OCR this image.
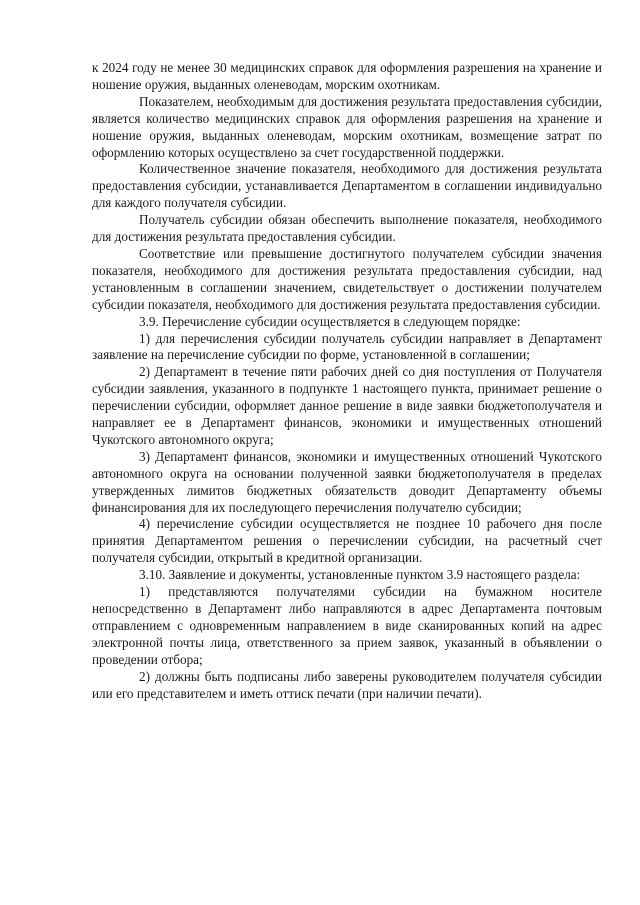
к 2024 году не менее 30 медицинских справок для оформления разрешения на хранение и ношение оружия, выданных оленеводам, морским охотникам.

Показателем, необходимым для достижения результата предоставления субсидии, является количество медицинских справок для оформления разрешения на хранение и ношение оружия, выданных оленеводам, морским охотникам, возмещение затрат по оформлению которых осуществлено за счет государственной поддержки.

Количественное значение показателя, необходимого для достижения результата предоставления субсидии, устанавливается Департаментом в соглашении индивидуально для каждого получателя субсидии.

Получатель субсидии обязан обеспечить выполнение показателя, необходимого для достижения результата предоставления субсидии.

Соответствие или превышение достигнутого получателем субсидии значения показателя, необходимого для достижения результата предоставления субсидии, над установленным в соглашении значением, свидетельствует о достижении получателем субсидии показателя, необходимого для достижения результата предоставления субсидии.

3.9. Перечисление субсидии осуществляется в следующем порядке:

1) для перечисления субсидии получатель субсидии направляет в Департамент заявление на перечисление субсидии по форме, установленной в соглашении;

2) Департамент в течение пяти рабочих дней со дня поступления от Получателя субсидии заявления, указанного в подпункте 1 настоящего пункта, принимает решение о перечислении субсидии, оформляет данное решение в виде заявки бюджетополучателя и направляет ее в Департамент финансов, экономики и имущественных отношений Чукотского автономного округа;

3) Департамент финансов, экономики и имущественных отношений Чукотского автономного округа на основании полученной заявки бюджетополучателя в пределах утвержденных лимитов бюджетных обязательств доводит Департаменту объемы финансирования для их последующего перечисления получателю субсидии;

4) перечисление субсидии осуществляется не позднее 10 рабочего дня после принятия Департаментом решения о перечислении субсидии, на расчетный счет получателя субсидии, открытый в кредитной организации.

3.10. Заявление и документы, установленные пунктом 3.9 настоящего раздела:

1) представляются получателями субсидии на бумажном носителе непосредственно в Департамент либо направляются в адрес Департамента почтовым отправлением с одновременным направлением в виде сканированных копий на адрес электронной почты лица, ответственного за прием заявок, указанный в объявлении о проведении отбора;

2) должны быть подписаны либо заверены руководителем получателя субсидии или его представителем и иметь оттиск печати (при наличии печати).
